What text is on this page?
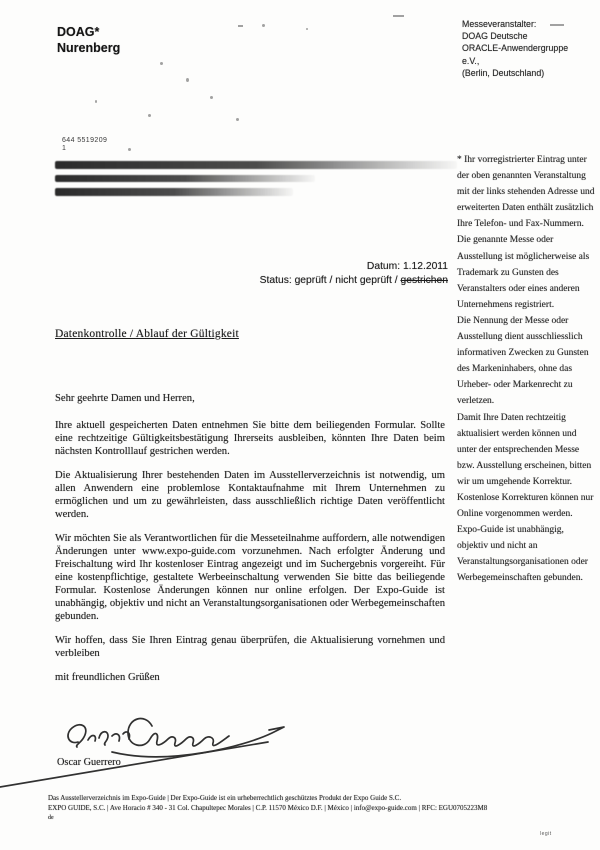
DOAG*
Nurenberg
Messeveranstalter:
DOAG Deutsche
ORACLE-Anwendergruppe
e.V.,
(Berlin, Deutschland)
644 5519209
1
Datum: 1.12.2011
Status: geprüft / nicht geprüft / gestrichen
Datenkontrolle / Ablauf der Gültigkeit

Sehr geehrte Damen und Herren,

Ihre aktuell gespeicherten Daten entnehmen Sie bitte dem beiliegenden Formular. Sollte eine rechtzeitige Gültigkeitsbestätigung Ihrerseits ausbleiben, könnten Ihre Daten beim nächsten Kontrolllauf gestrichen werden.

Die Aktualisierung Ihrer bestehenden Daten im Ausstellerverzeichnis ist notwendig, um allen Anwendern eine problemlose Kontaktaufnahme mit Ihrem Unternehmen zu ermöglichen und um zu gewährleisten, dass ausschließlich richtige Daten veröffentlicht werden.

Wir möchten Sie als Verantwortlichen für die Messeteilnahme auffordern, alle notwendigen Änderungen unter www.expo-guide.com vorzunehmen. Nach erfolgter Änderung und Freischaltung wird Ihr kostenloser Eintrag angezeigt und im Suchergebnis vorgereiht. Für eine kostenpflichtige, gestaltete Werbeeinschaltung verwenden Sie bitte das beiliegende Formular. Kostenlose Änderungen können nur online erfolgen. Der Expo-Guide ist unabhängig, objektiv und nicht an Veranstaltungsorganisationen oder Werbegemeinschaften gebunden.

Wir hoffen, dass Sie Ihren Eintrag genau überprüfen, die Aktualisierung vornehmen und verbleiben

mit freundlichen Grüßen

Oscar Guerrero
* Ihr vorregistrierter Eintrag unter der oben genannten Veranstaltung mit der links stehenden Adresse und erweiterten Daten enthält zusätzlich Ihre Telefon- und Fax-Nummern.
Die genannte Messe oder Ausstellung ist möglicherweise als Trademark zu Gunsten des Veranstalters oder eines anderen Unternehmens registriert.
Die Nennung der Messe oder Ausstellung dient ausschliesslich informativen Zwecken zu Gunsten des Markeninhabers, ohne das Urheber- oder Markenrecht zu verletzen.
Damit Ihre Daten rechtzeitig aktualisiert werden können und unter der entsprechenden Messe bzw. Ausstellung erscheinen, bitten wir um umgehende Korrektur.
Kostenlose Korrekturen können nur Online vorgenommen werden.
Expo-Guide ist unabhängig, objektiv und nicht an Veranstaltungsorganisationen oder Werbegemeinschaften gebunden.
Das Ausstellerverzeichnis im Expo-Guide | Der Expo-Guide ist ein urheberrechtlich geschütztes Produkt der Expo Guide S.C.
EXPO GUIDE, S.C. | Ave Horacio # 340 - 31 Col. Chapultepec Morales | C.P. 11570 México D.F. | México | info@expo-guide.com | RFC: EGU0705223M8
de
legit
